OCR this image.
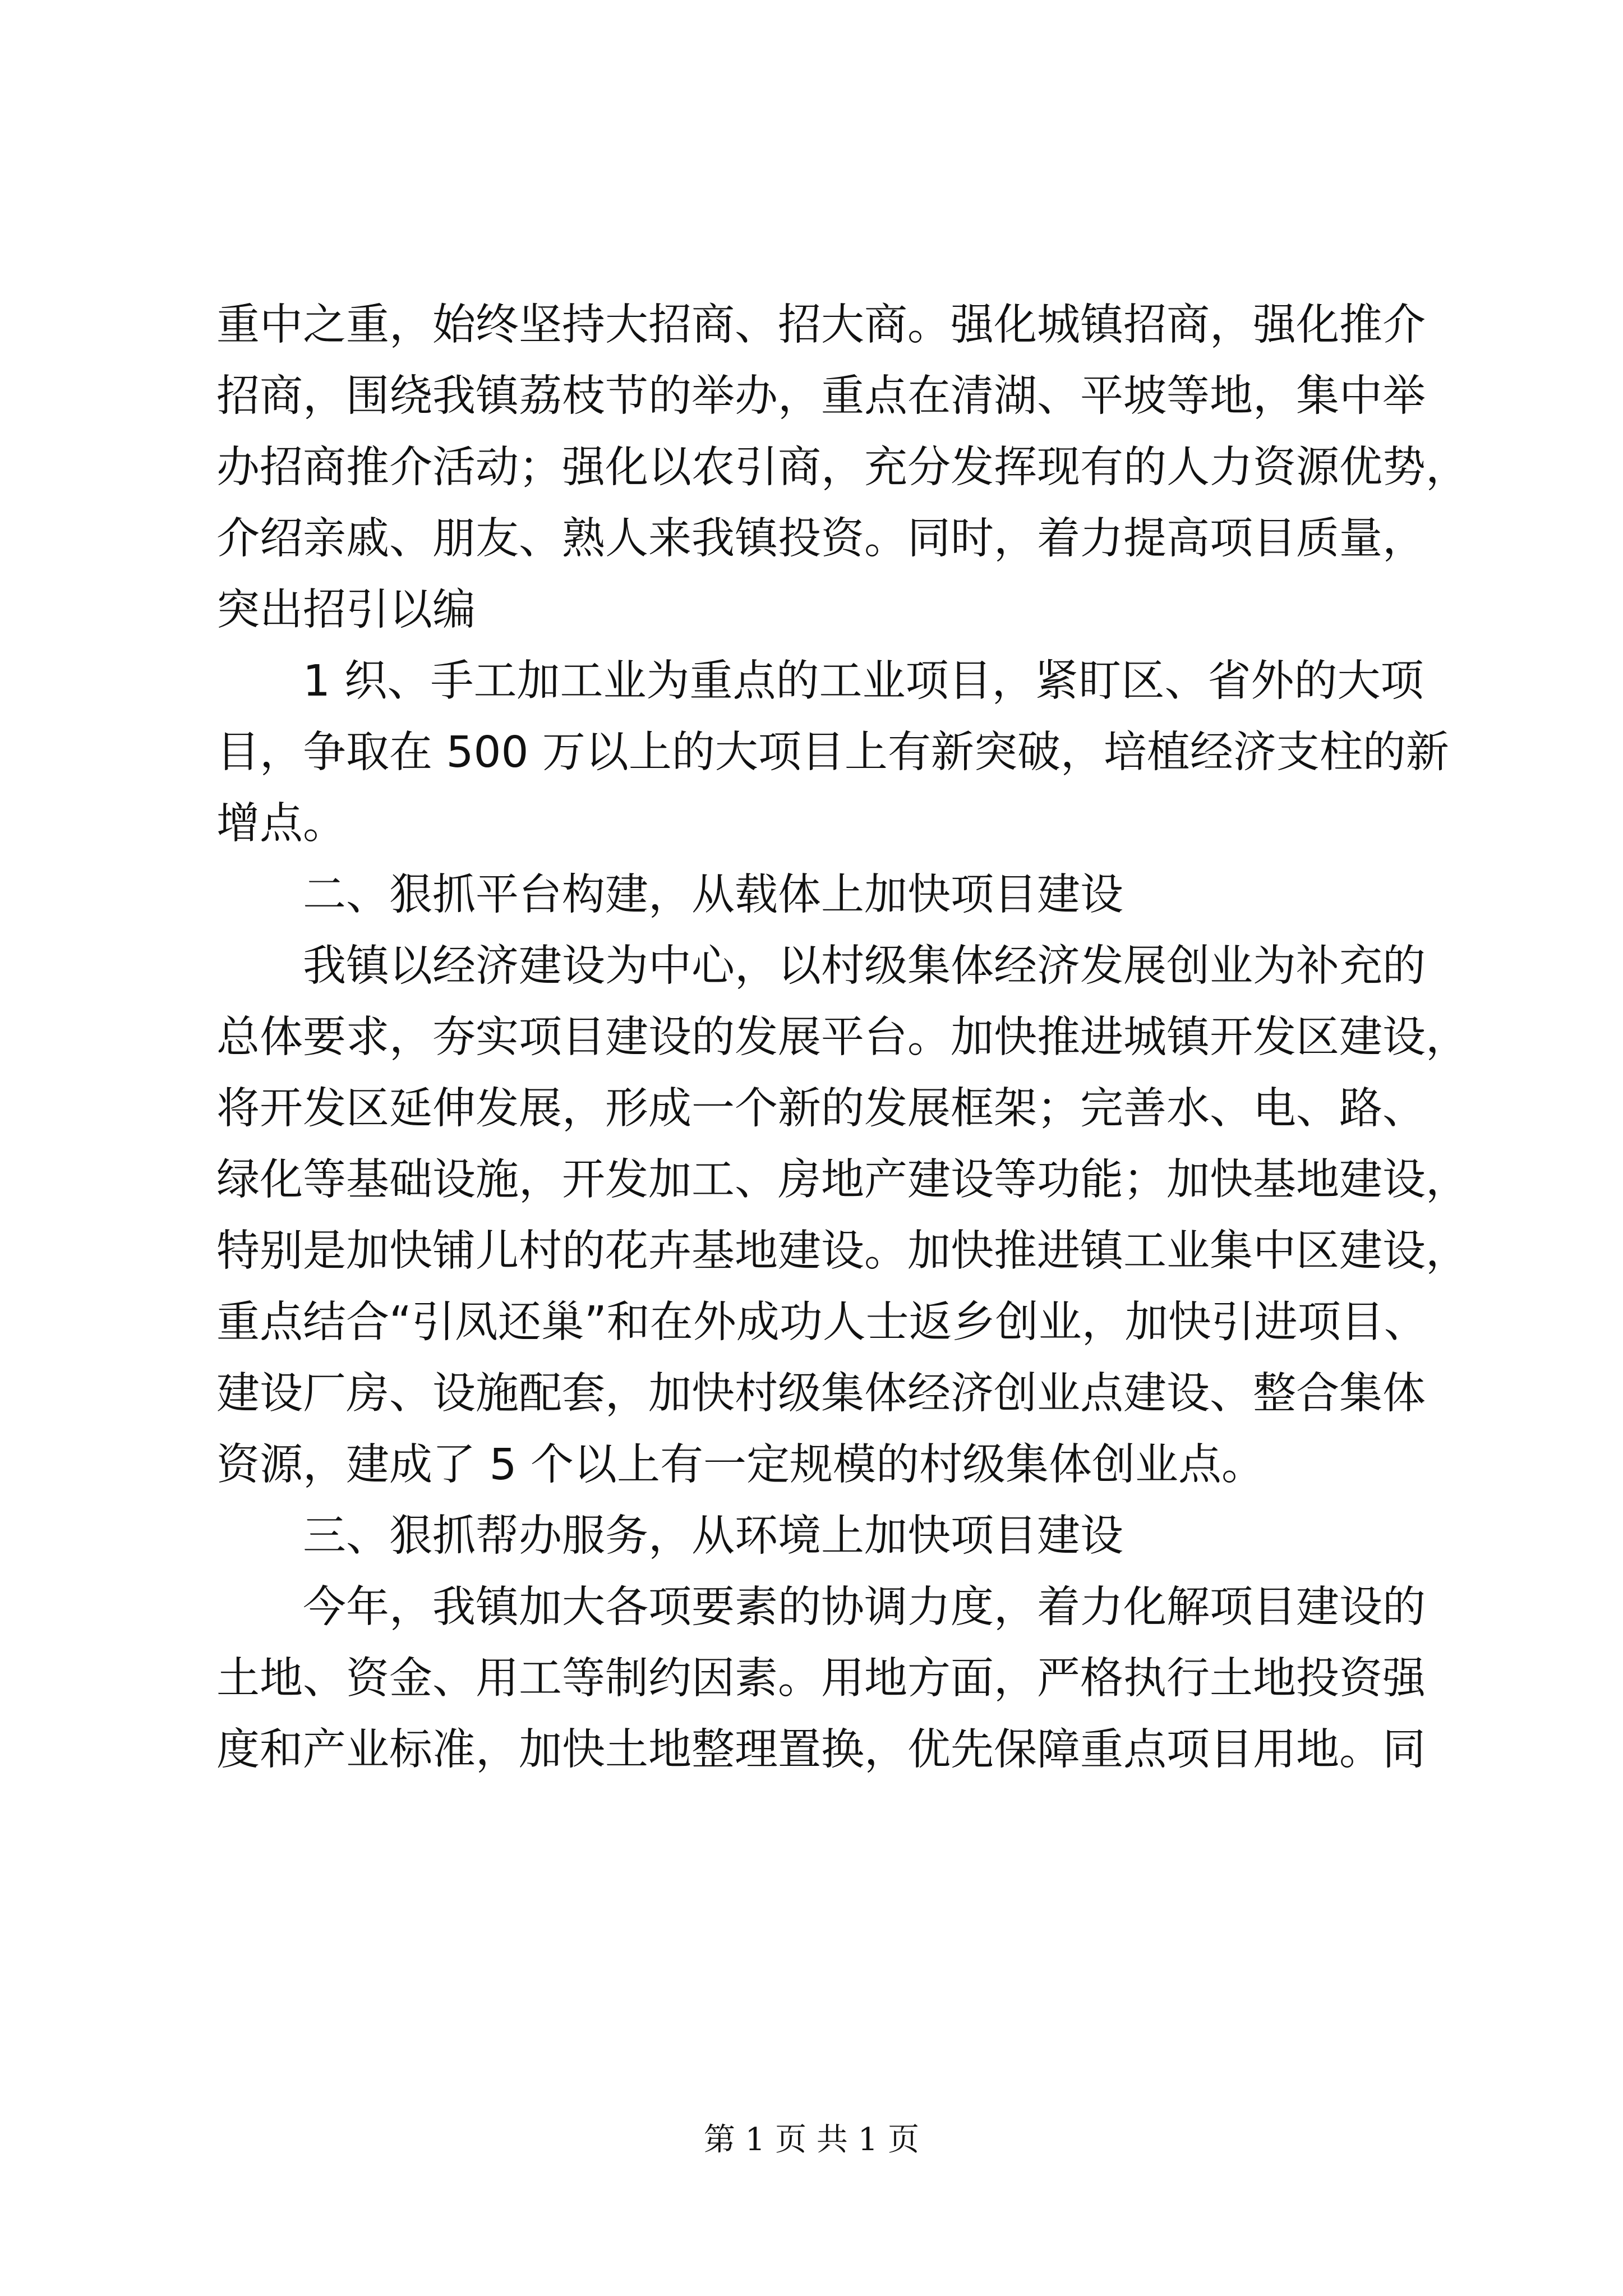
重中之重，始终坚持大招商、招大商。强化城镇招商，强化推介
招商，围绕我镇荔枝节的举办，重点在清湖、平坡等地，集中举
办招商推介活动；强化以农引商，充分发挥现有的人力资源优势，
介绍亲戚、朋友、熟人来我镇投资。同时，着力提高项目质量，
突出招引以编
　　1 织、手工加工业为重点的工业项目，紧盯区、省外的大项
目，争取在 500 万以上的大项目上有新突破，培植经济支柱的新
增点。
　　二、狠抓平台构建，从载体上加快项目建设
　　我镇以经济建设为中心，以村级集体经济发展创业为补充的
总体要求，夯实项目建设的发展平台。加快推进城镇开发区建设，
将开发区延伸发展，形成一个新的发展框架；完善水、电、路、
绿化等基础设施，开发加工、房地产建设等功能；加快基地建设，
特别是加快铺儿村的花卉基地建设。加快推进镇工业集中区建设，
重点结合“引凤还巢”和在外成功人士返乡创业，加快引进项目、
建设厂房、设施配套，加快村级集体经济创业点建设、整合集体
资源，建成了 5 个以上有一定规模的村级集体创业点。
　　三、狠抓帮办服务，从环境上加快项目建设
　　今年，我镇加大各项要素的协调力度，着力化解项目建设的
土地、资金、用工等制约因素。用地方面，严格执行土地投资强
度和产业标准，加快土地整理置换，优先保障重点项目用地。同
第 1 页 共 1 页
